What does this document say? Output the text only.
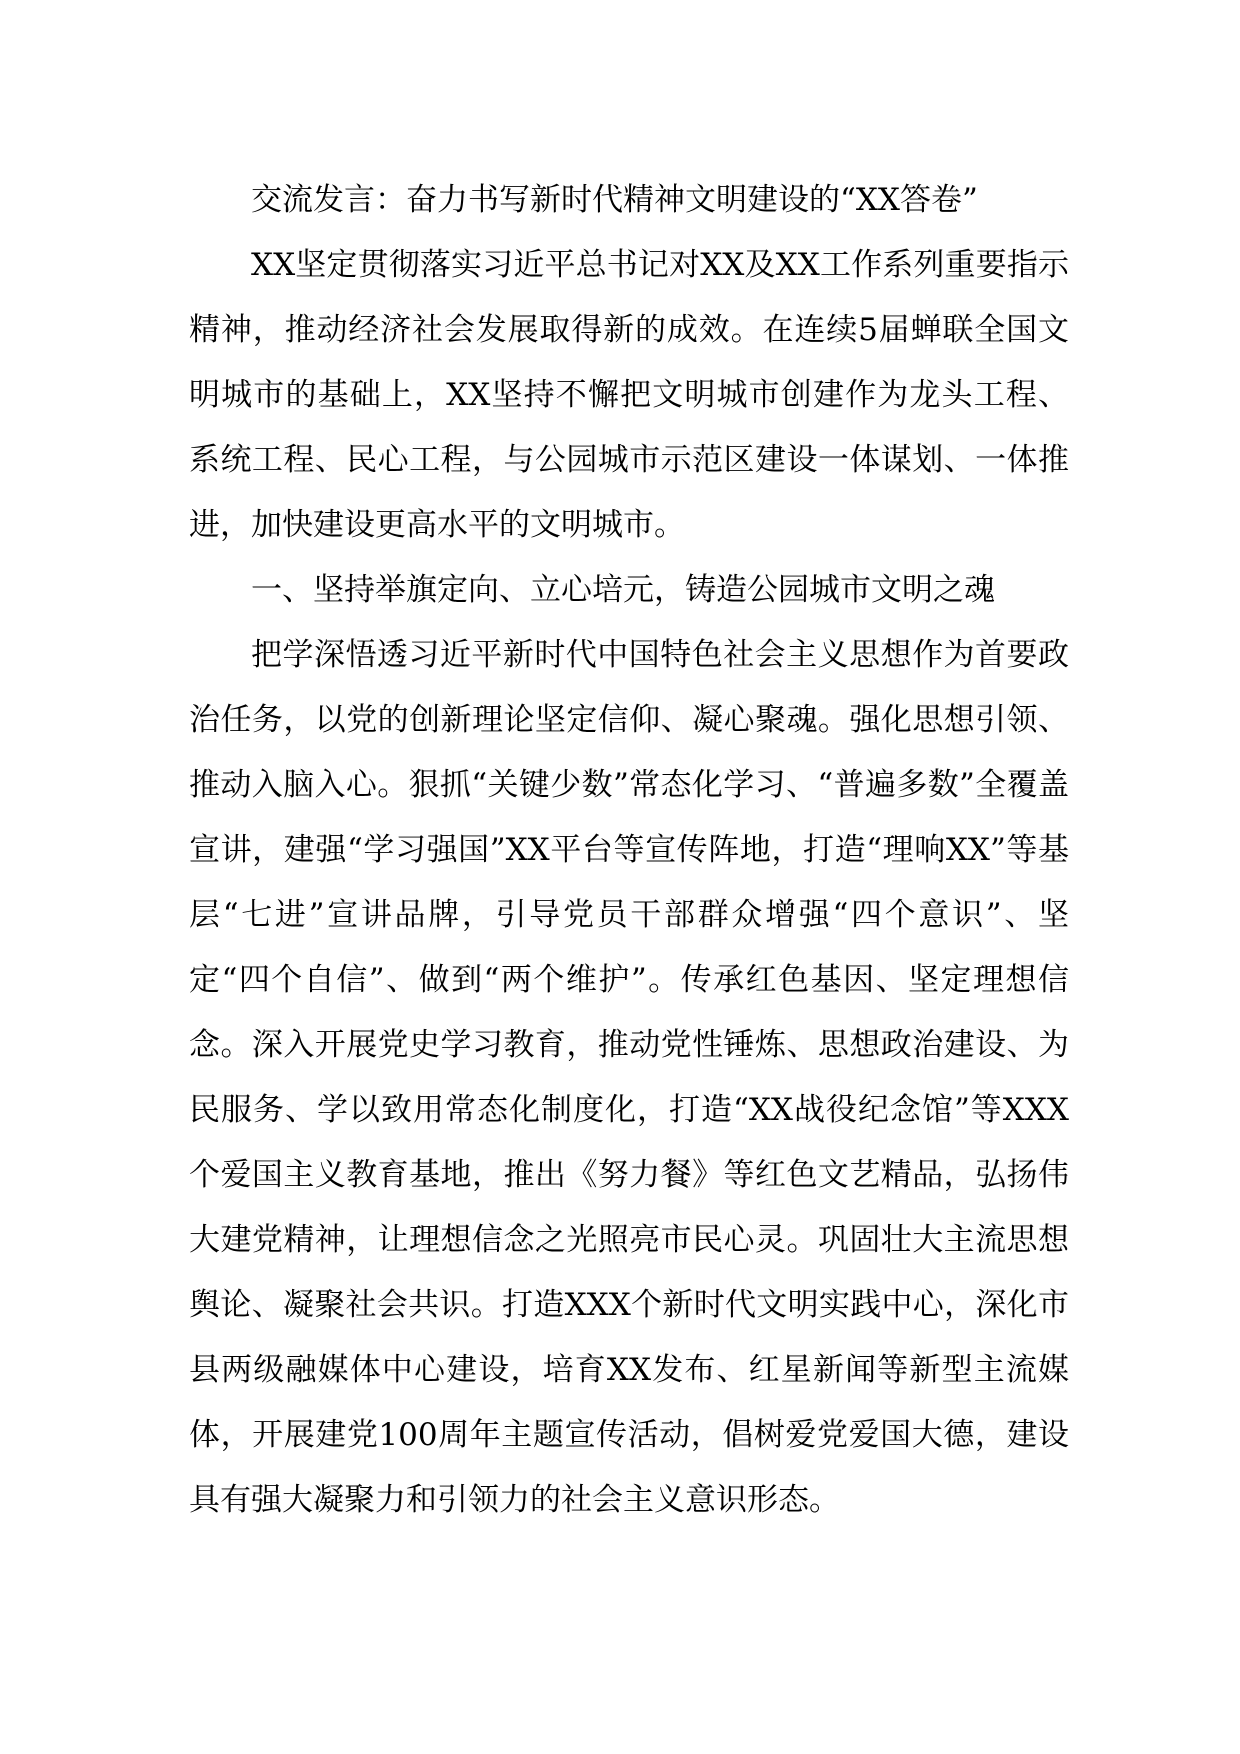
交流发言：奋力书写新时代精神文明建设的“XX答卷”

XX坚定贯彻落实习近平总书记对XX及XX工作系列重要指示精神，推动经济社会发展取得新的成效。在连续5届蝉联全国文明城市的基础上，XX坚持不懈把文明城市创建作为龙头工程、系统工程、民心工程，与公园城市示范区建设一体谋划、一体推进，加快建设更高水平的文明城市。

一、坚持举旗定向、立心培元，铸造公园城市文明之魂

把学深悟透习近平新时代中国特色社会主义思想作为首要政治任务，以党的创新理论坚定信仰、凝心聚魂。强化思想引领、推动入脑入心。狠抓“关键少数”常态化学习、“普遍多数”全覆盖宣讲，建强“学习强国”XX平台等宣传阵地，打造“理响XX”等基层“七进”宣讲品牌，引导党员干部群众增强“四个意识”、坚定“四个自信”、做到“两个维护”。传承红色基因、坚定理想信念。深入开展党史学习教育，推动党性锤炼、思想政治建设、为民服务、学以致用常态化制度化，打造“XX战役纪念馆”等XXX个爱国主义教育基地，推出《努力餐》等红色文艺精品，弘扬伟大建党精神，让理想信念之光照亮市民心灵。巩固壮大主流思想舆论、凝聚社会共识。打造XXX个新时代文明实践中心，深化市县两级融媒体中心建设，培育XX发布、红星新闻等新型主流媒体，开展建党100周年主题宣传活动，倡树爱党爱国大德，建设具有强大凝聚力和引领力的社会主义意识形态。
